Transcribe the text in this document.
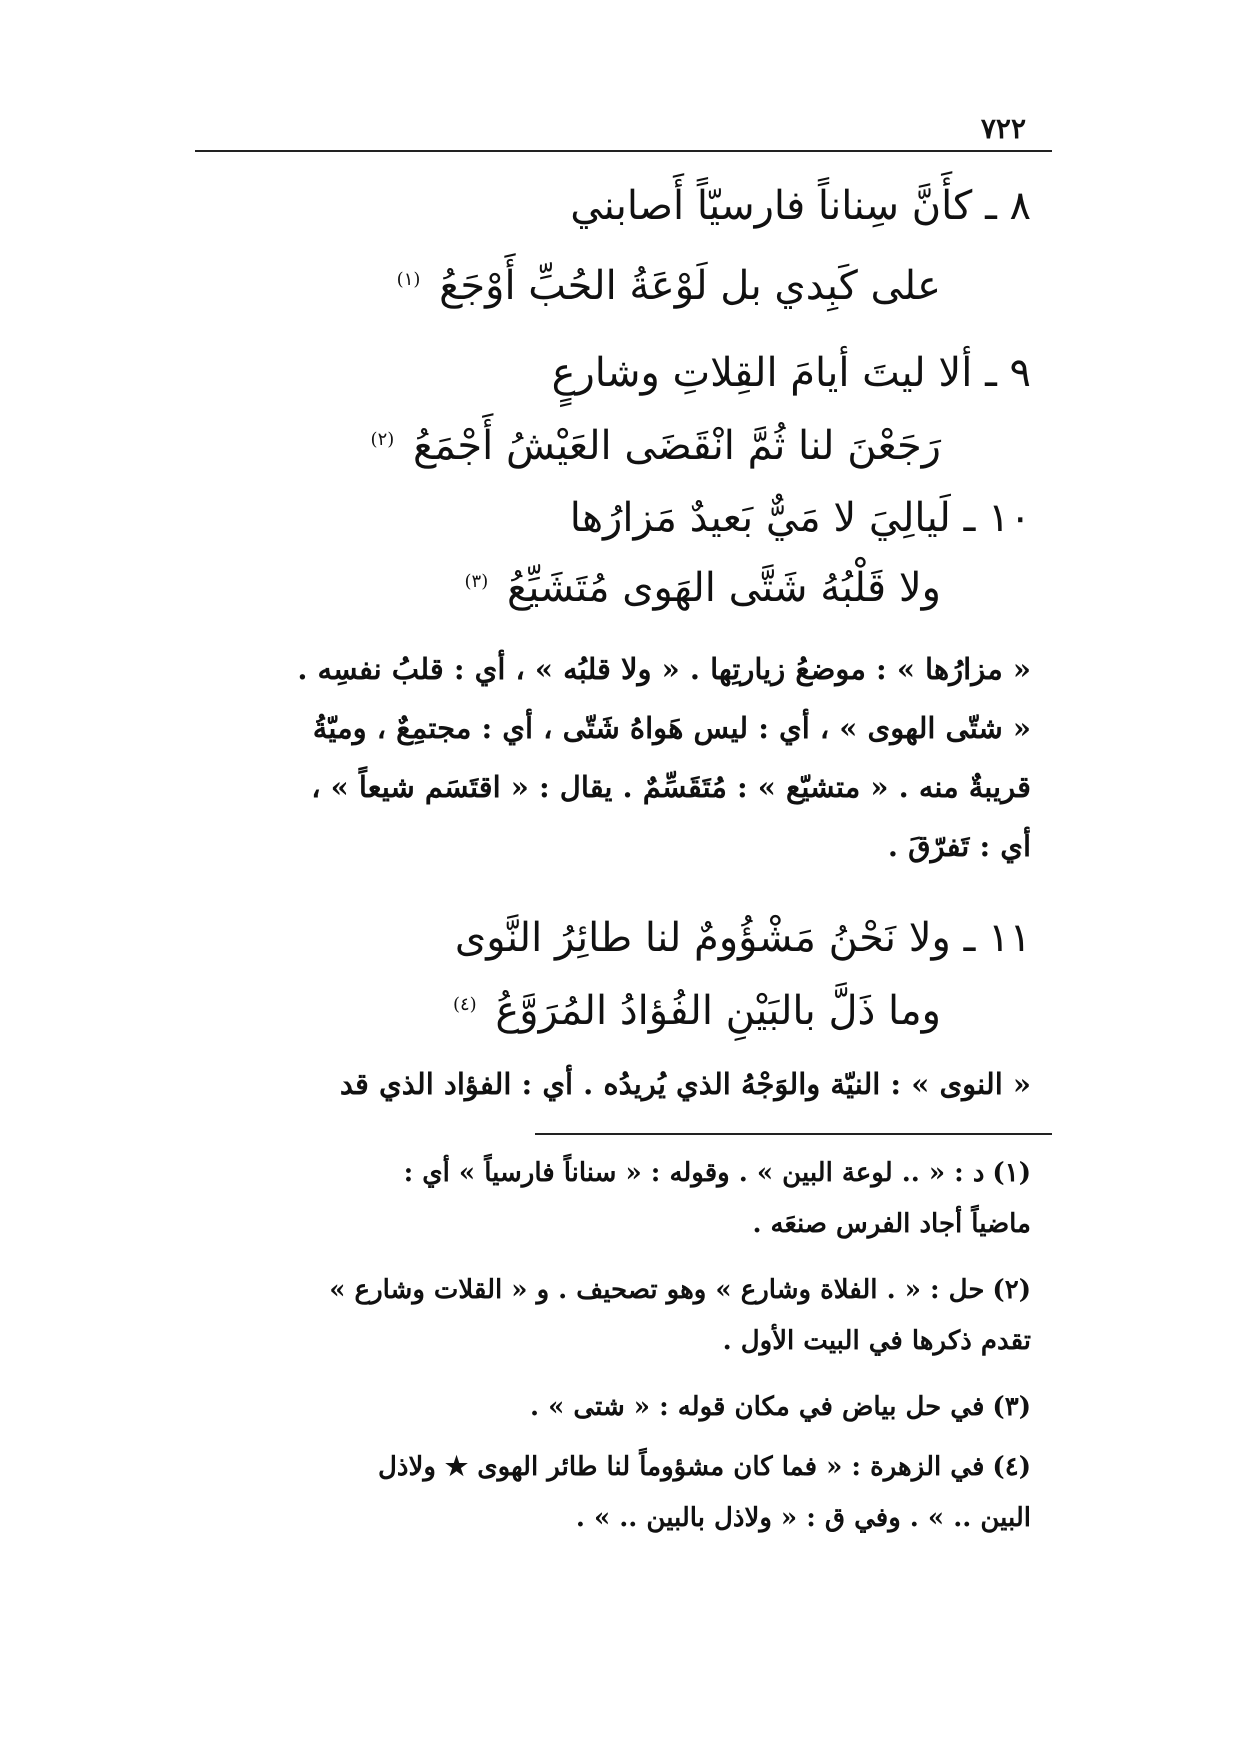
٧٢٢
٨ ـ كأَنَّ سِناناً فارسيّاً أَصابني
على كَبِدي بل لَوْعَةُ الحُبِّ أَوْجَعُ $^{(١)}$
٩ ـ ألا ليتَ أيامَ القِلاتِ وشارعٍ
رَجَعْنَ لنا ثُمَّ انْقَضَى العَيْشُ أَجْمَعُ $^{(٢)}$
١٠ ـ لَيالِيَ لا مَيٌّ بَعيدٌ مَزارُها
ولا قَلْبُهُ شَتَّى الهَوى مُتَشَيِّعُ $^{(٣)}$

« مزارُها » : موضعُ زيارتِها . « ولا قلبُه » ، أي : قلبُ نفسِه .

« شتّى الهوى » ، أي : ليس هَواهُ شَتّى ، أي : مجتمِعٌ ، وميّةُ

قريبةٌ منه . « متشيّع » : مُتَقَسِّمٌ . يقال : « اقتَسَم شيعاً » ،

أي : تَفرّقَ .

١١ ـ ولا نَحْنُ مَشْؤُومٌ لنا طائِرُ النَّوى
وما ذَلَّ بالبَيْنِ الفُؤادُ المُرَوَّعُ $^{(٤)}$

« النوى » : النيّة والوَجْهُ الذي يُريدُه . أي : الفؤاد الذي قد

(١)د : « .. لوعة البين » . وقوله : « سناناً فارسياً » أي :

ماضياً أجاد الفرس صنعَه .

(٢)حل : « . الفلاة وشارع » وهو تصحيف . و « القلات وشارع »

تقدم ذكرها في البيت الأول .

(٣)في حل بياض في مكان قوله : « شتى » .

(٤)في الزهرة : « فما كان مشؤوماً لنا طائر الهوى ★ ولاذل

البين .. » . وفي ق : « ولاذل بالبين .. » .
